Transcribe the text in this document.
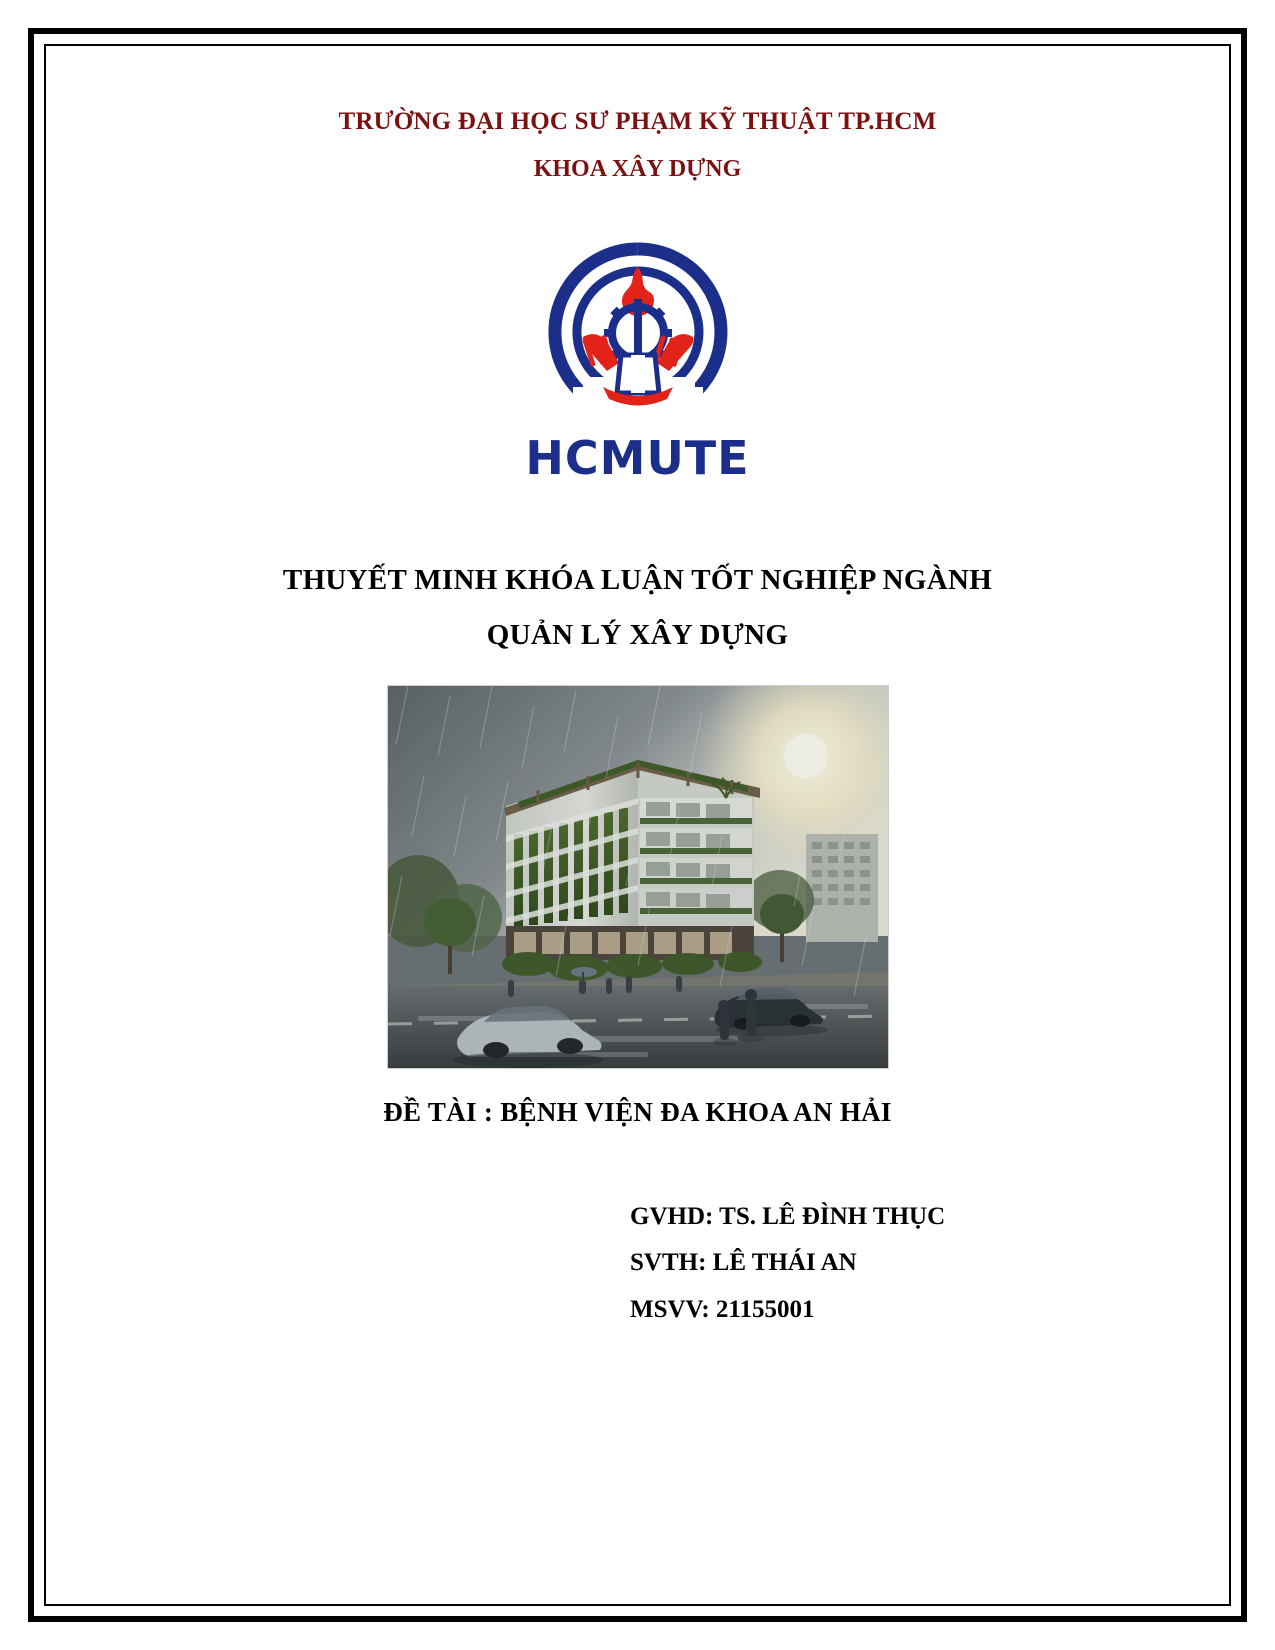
TRƯỜNG ĐẠI HỌC SƯ PHẠM KỸ THUẬT TP.HCM
KHOA XÂY DỰNG
HCMUTE
THUYẾT MINH KHÓA LUẬN TỐT NGHIỆP NGÀNH
QUẢN LÝ XÂY DỰNG
ĐỀ TÀI : BỆNH VIỆN ĐA KHOA AN HẢI
GVHD: TS. LÊ ĐÌNH THỤC
SVTH: LÊ THÁI AN
MSVV: 21155001
